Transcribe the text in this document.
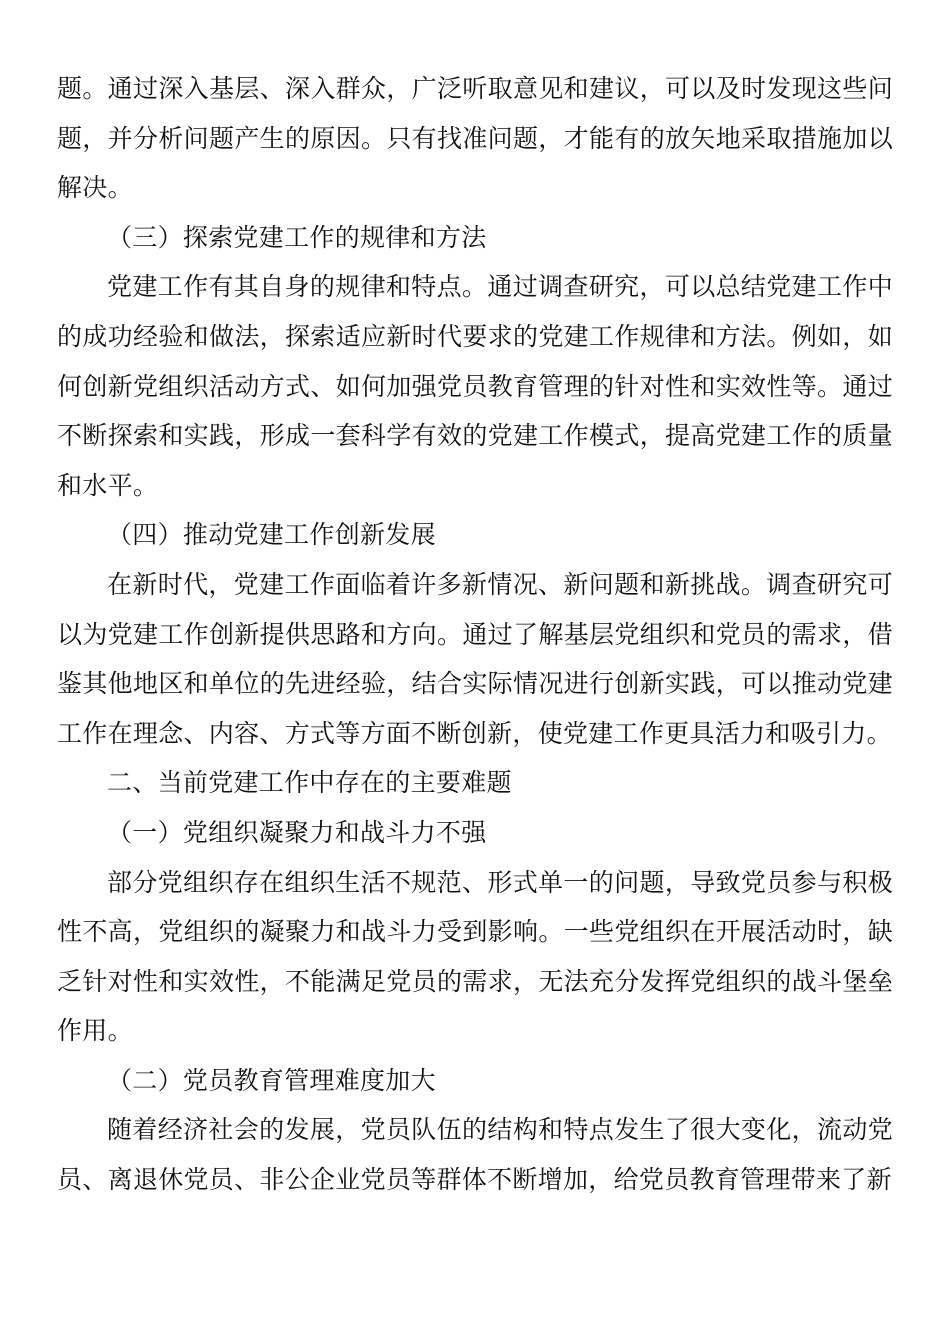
题。通过深入基层、深入群众，广泛听取意见和建议，可以及时发现这些问题，并分析问题产生的原因。只有找准问题，才能有的放矢地采取措施加以解决。

（三）探索党建工作的规律和方法

党建工作有其自身的规律和特点。通过调查研究，可以总结党建工作中的成功经验和做法，探索适应新时代要求的党建工作规律和方法。例如，如何创新党组织活动方式、如何加强党员教育管理的针对性和实效性等。通过不断探索和实践，形成一套科学有效的党建工作模式，提高党建工作的质量和水平。

（四）推动党建工作创新发展

在新时代，党建工作面临着许多新情况、新问题和新挑战。调查研究可以为党建工作创新提供思路和方向。通过了解基层党组织和党员的需求，借鉴其他地区和单位的先进经验，结合实际情况进行创新实践，可以推动党建工作在理念、内容、方式等方面不断创新，使党建工作更具活力和吸引力。

二、当前党建工作中存在的主要难题

（一）党组织凝聚力和战斗力不强

部分党组织存在组织生活不规范、形式单一的问题，导致党员参与积极性不高，党组织的凝聚力和战斗力受到影响。一些党组织在开展活动时，缺乏针对性和实效性，不能满足党员的需求，无法充分发挥党组织的战斗堡垒作用。

（二）党员教育管理难度加大

随着经济社会的发展，党员队伍的结构和特点发生了很大变化，流动党员、离退休党员、非公企业党员等群体不断增加，给党员教育管理带来了新
